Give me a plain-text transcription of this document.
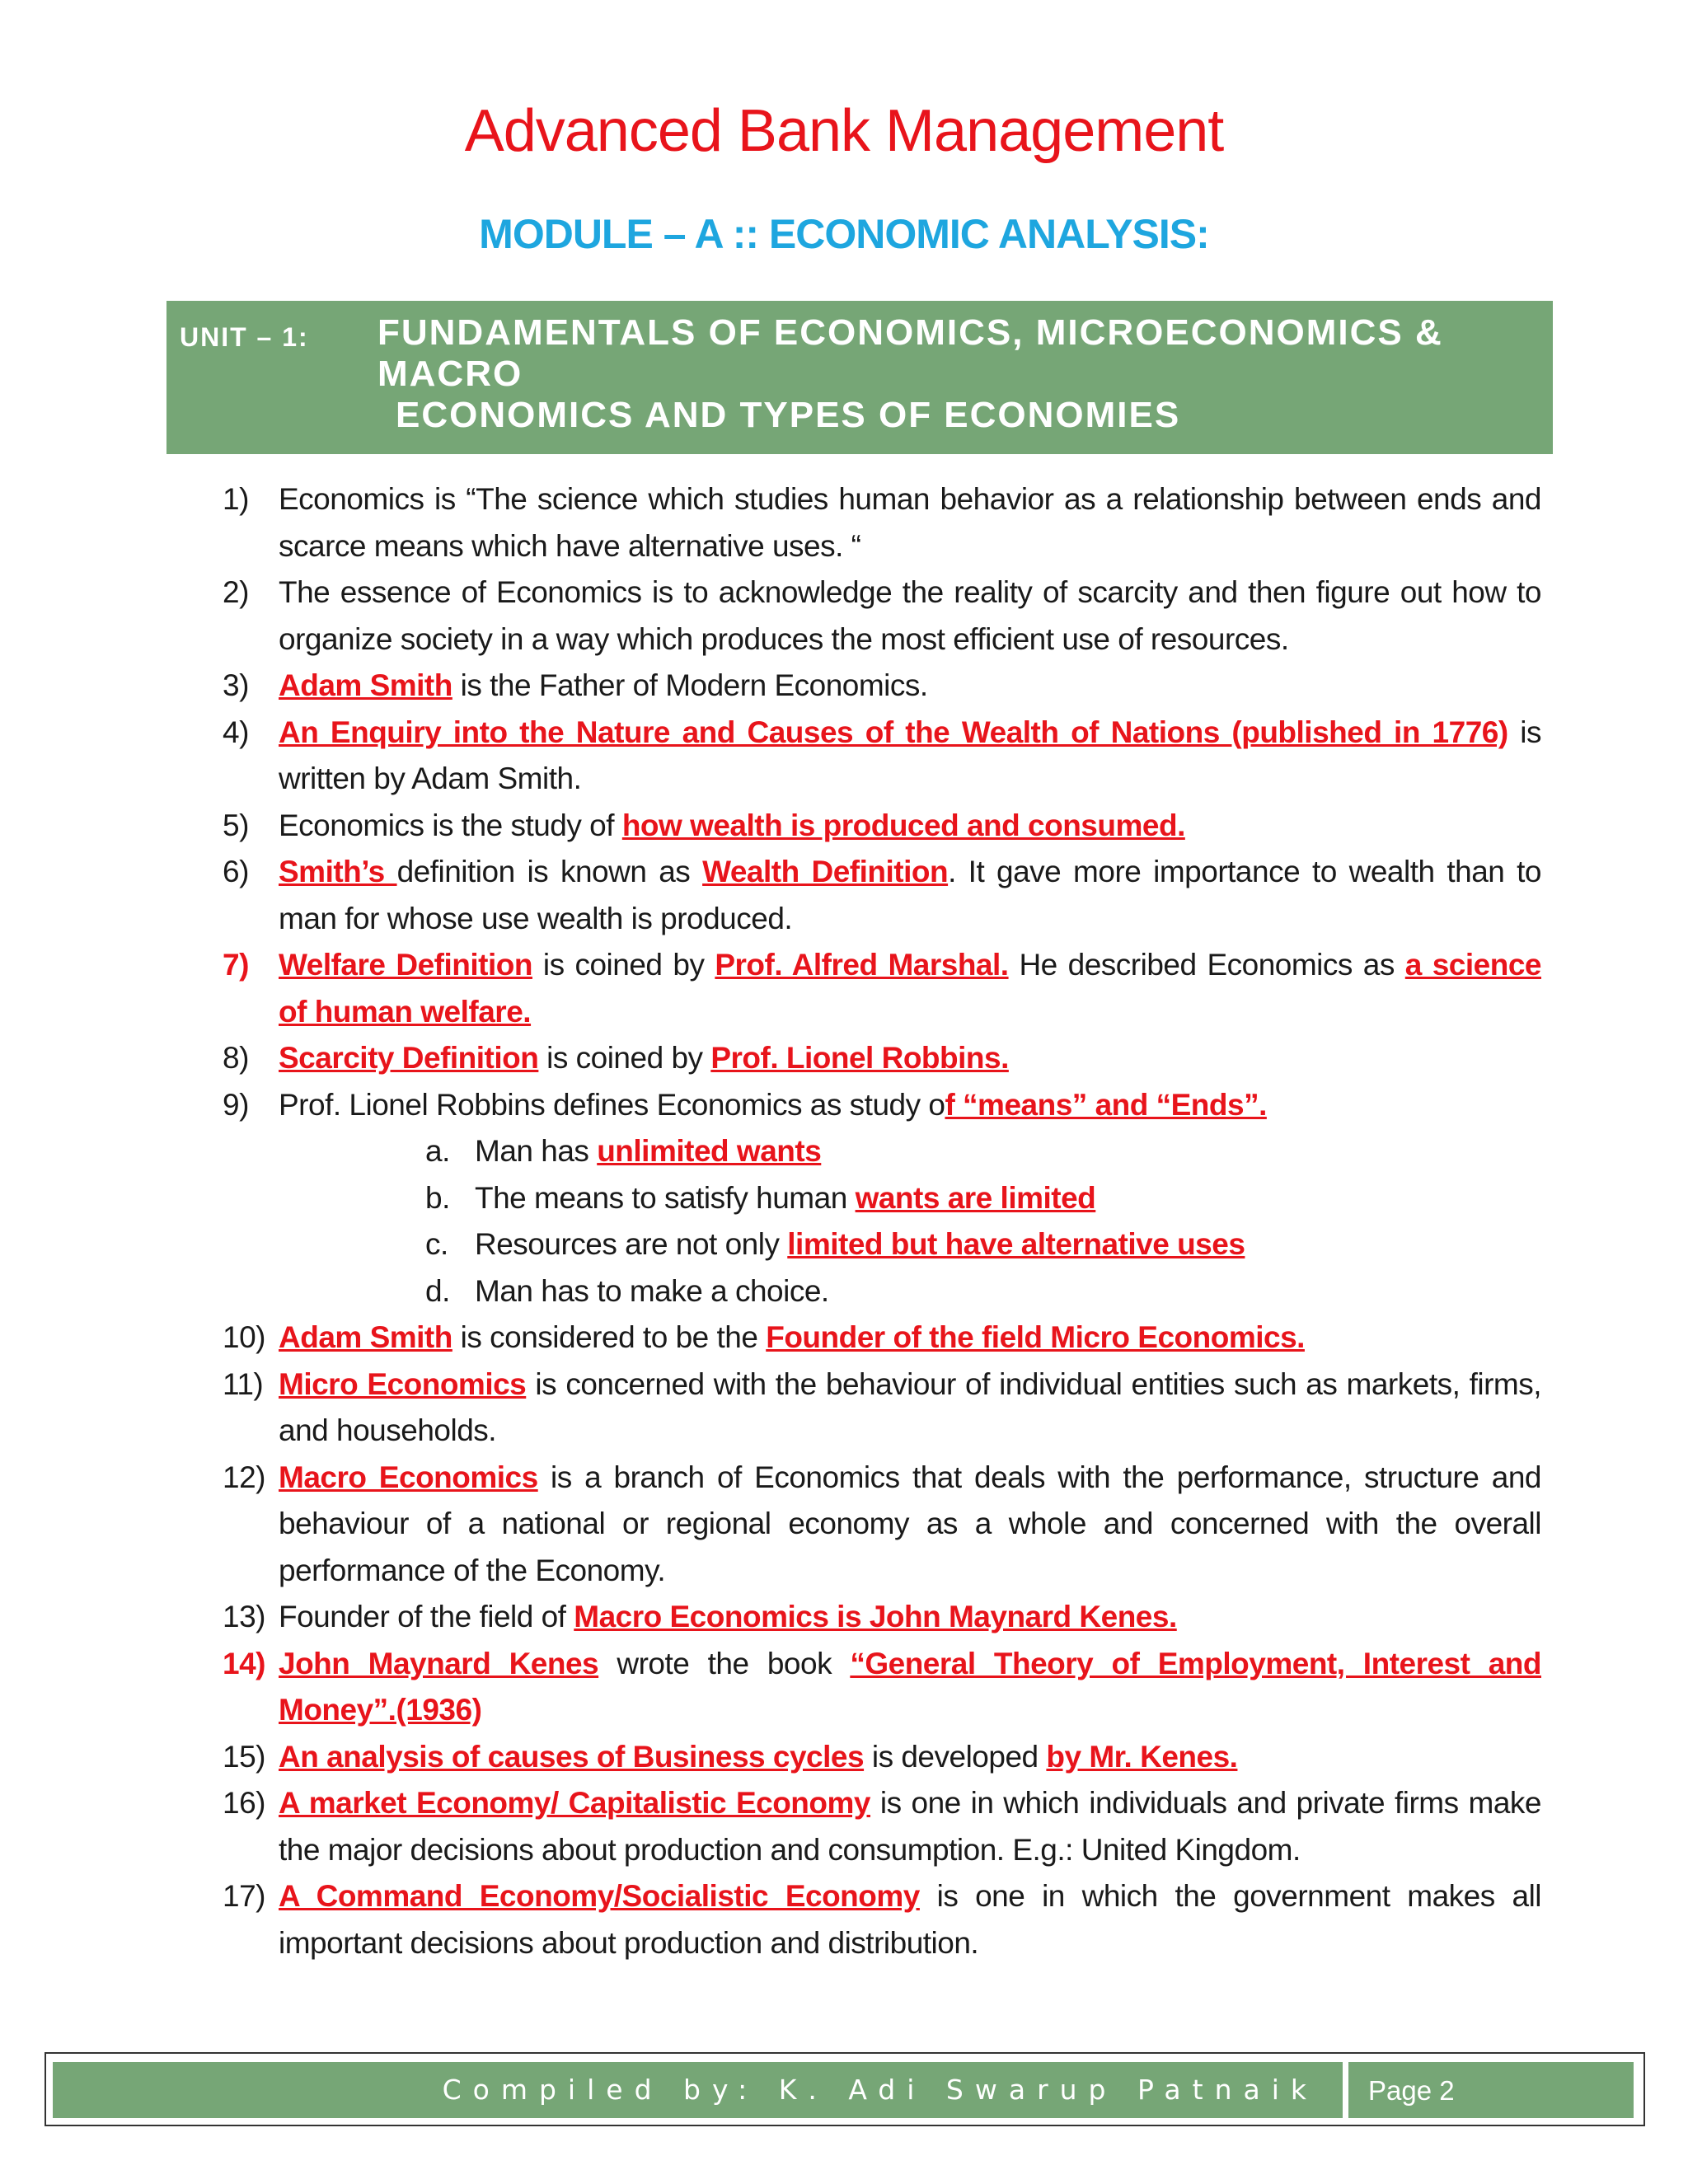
Advanced Bank Management
MODULE – A :: ECONOMIC ANALYSIS:
UNIT – 1: FUNDAMENTALS OF ECONOMICS, MICROECONOMICS & MACRO
ECONOMICS AND TYPES OF ECONOMIES
1) Economics is “The science which studies human behavior as a relationship between ends and scarce means which have alternative uses. “
2) The essence of Economics is to acknowledge the reality of scarcity and then figure out how to organize society in a way which produces the most efficient use of resources.
3) Adam Smith is the Father of Modern Economics.
4) An Enquiry into the Nature and Causes of the Wealth of Nations (published in 1776) is written by Adam Smith.
5) Economics is the study of how wealth is produced and consumed.
6) Smith’s definition is known as Wealth Definition. It gave more importance to wealth than to man for whose use wealth is produced.
7) Welfare Definition is coined by Prof. Alfred Marshal. He described Economics as a science of human welfare.
8) Scarcity Definition is coined by Prof. Lionel Robbins.
9) Prof. Lionel Robbins defines Economics as study of “means” and “Ends”.
a. Man has unlimited wants
b. The means to satisfy human wants are limited
c. Resources are not only limited but have alternative uses
d. Man has to make a choice.
10) Adam Smith is considered to be the Founder of the field Micro Economics.
11) Micro Economics is concerned with the behaviour of individual entities such as markets, firms, and households.
12) Macro Economics is a branch of Economics that deals with the performance, structure and behaviour of a national or regional economy as a whole and concerned with the overall performance of the Economy.
13) Founder of the field of Macro Economics is John Maynard Kenes.
14) John Maynard Kenes wrote the book “General Theory of Employment, Interest and Money”.(1936)
15) An analysis of causes of Business cycles is developed by Mr. Kenes.
16) A market Economy/ Capitalistic Economy is one in which individuals and private firms make the major decisions about production and consumption. E.g.: United Kingdom.
17) A Command Economy/Socialistic Economy is one in which the government makes all important decisions about production and distribution.
Compiled by: K. Adi Swarup Patnaik Page 2
